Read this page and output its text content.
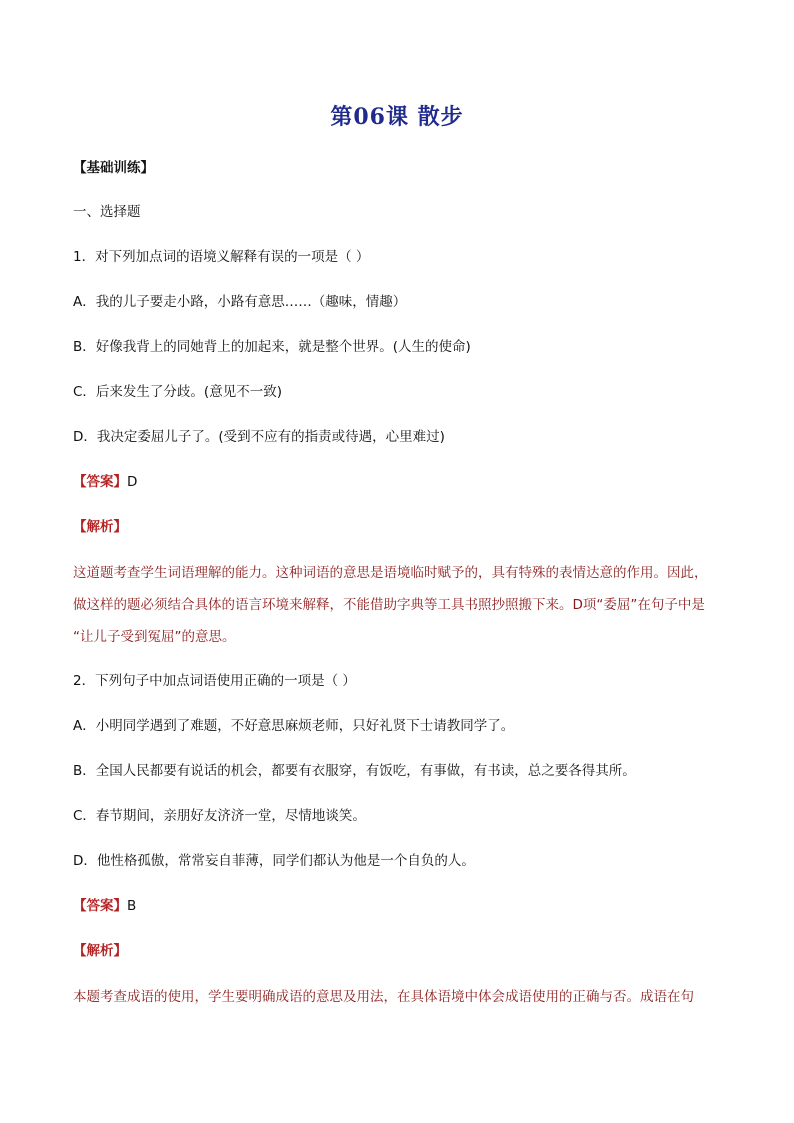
第06课 散步
【基础训练】
一、选择题
1．对下列加点词的语境义解释有误的一项是（ ）
A．我的儿子要走小路，小路有意思……（趣味，情趣）
B．好像我背上的同她背上的加起来，就是整个世界。(人生的使命)
C．后来发生了分歧。(意见不一致)
D．我决定委屈儿子了。(受到不应有的指责或待遇，心里难过)
【答案】D
【解析】
这道题考查学生词语理解的能力。这种词语的意思是语境临时赋予的，具有特殊的表情达意的作用。因此，
做这样的题必须结合具体的语言环境来解释，不能借助字典等工具书照抄照搬下来。D项“委屈”在句子中是
“让儿子受到冤屈”的意思。
2．下列句子中加点词语使用正确的一项是（ ）
A．小明同学遇到了难题，不好意思麻烦老师，只好礼贤下士请教同学了。
B．全国人民都要有说话的机会，都要有衣服穿，有饭吃，有事做，有书读，总之要各得其所。
C．春节期间，亲朋好友济济一堂，尽情地谈笑。
D．他性格孤傲，常常妄自菲薄，同学们都认为他是一个自负的人。
【答案】B
【解析】
本题考查成语的使用，学生要明确成语的意思及用法，在具体语境中体会成语使用的正确与否。成语在句
